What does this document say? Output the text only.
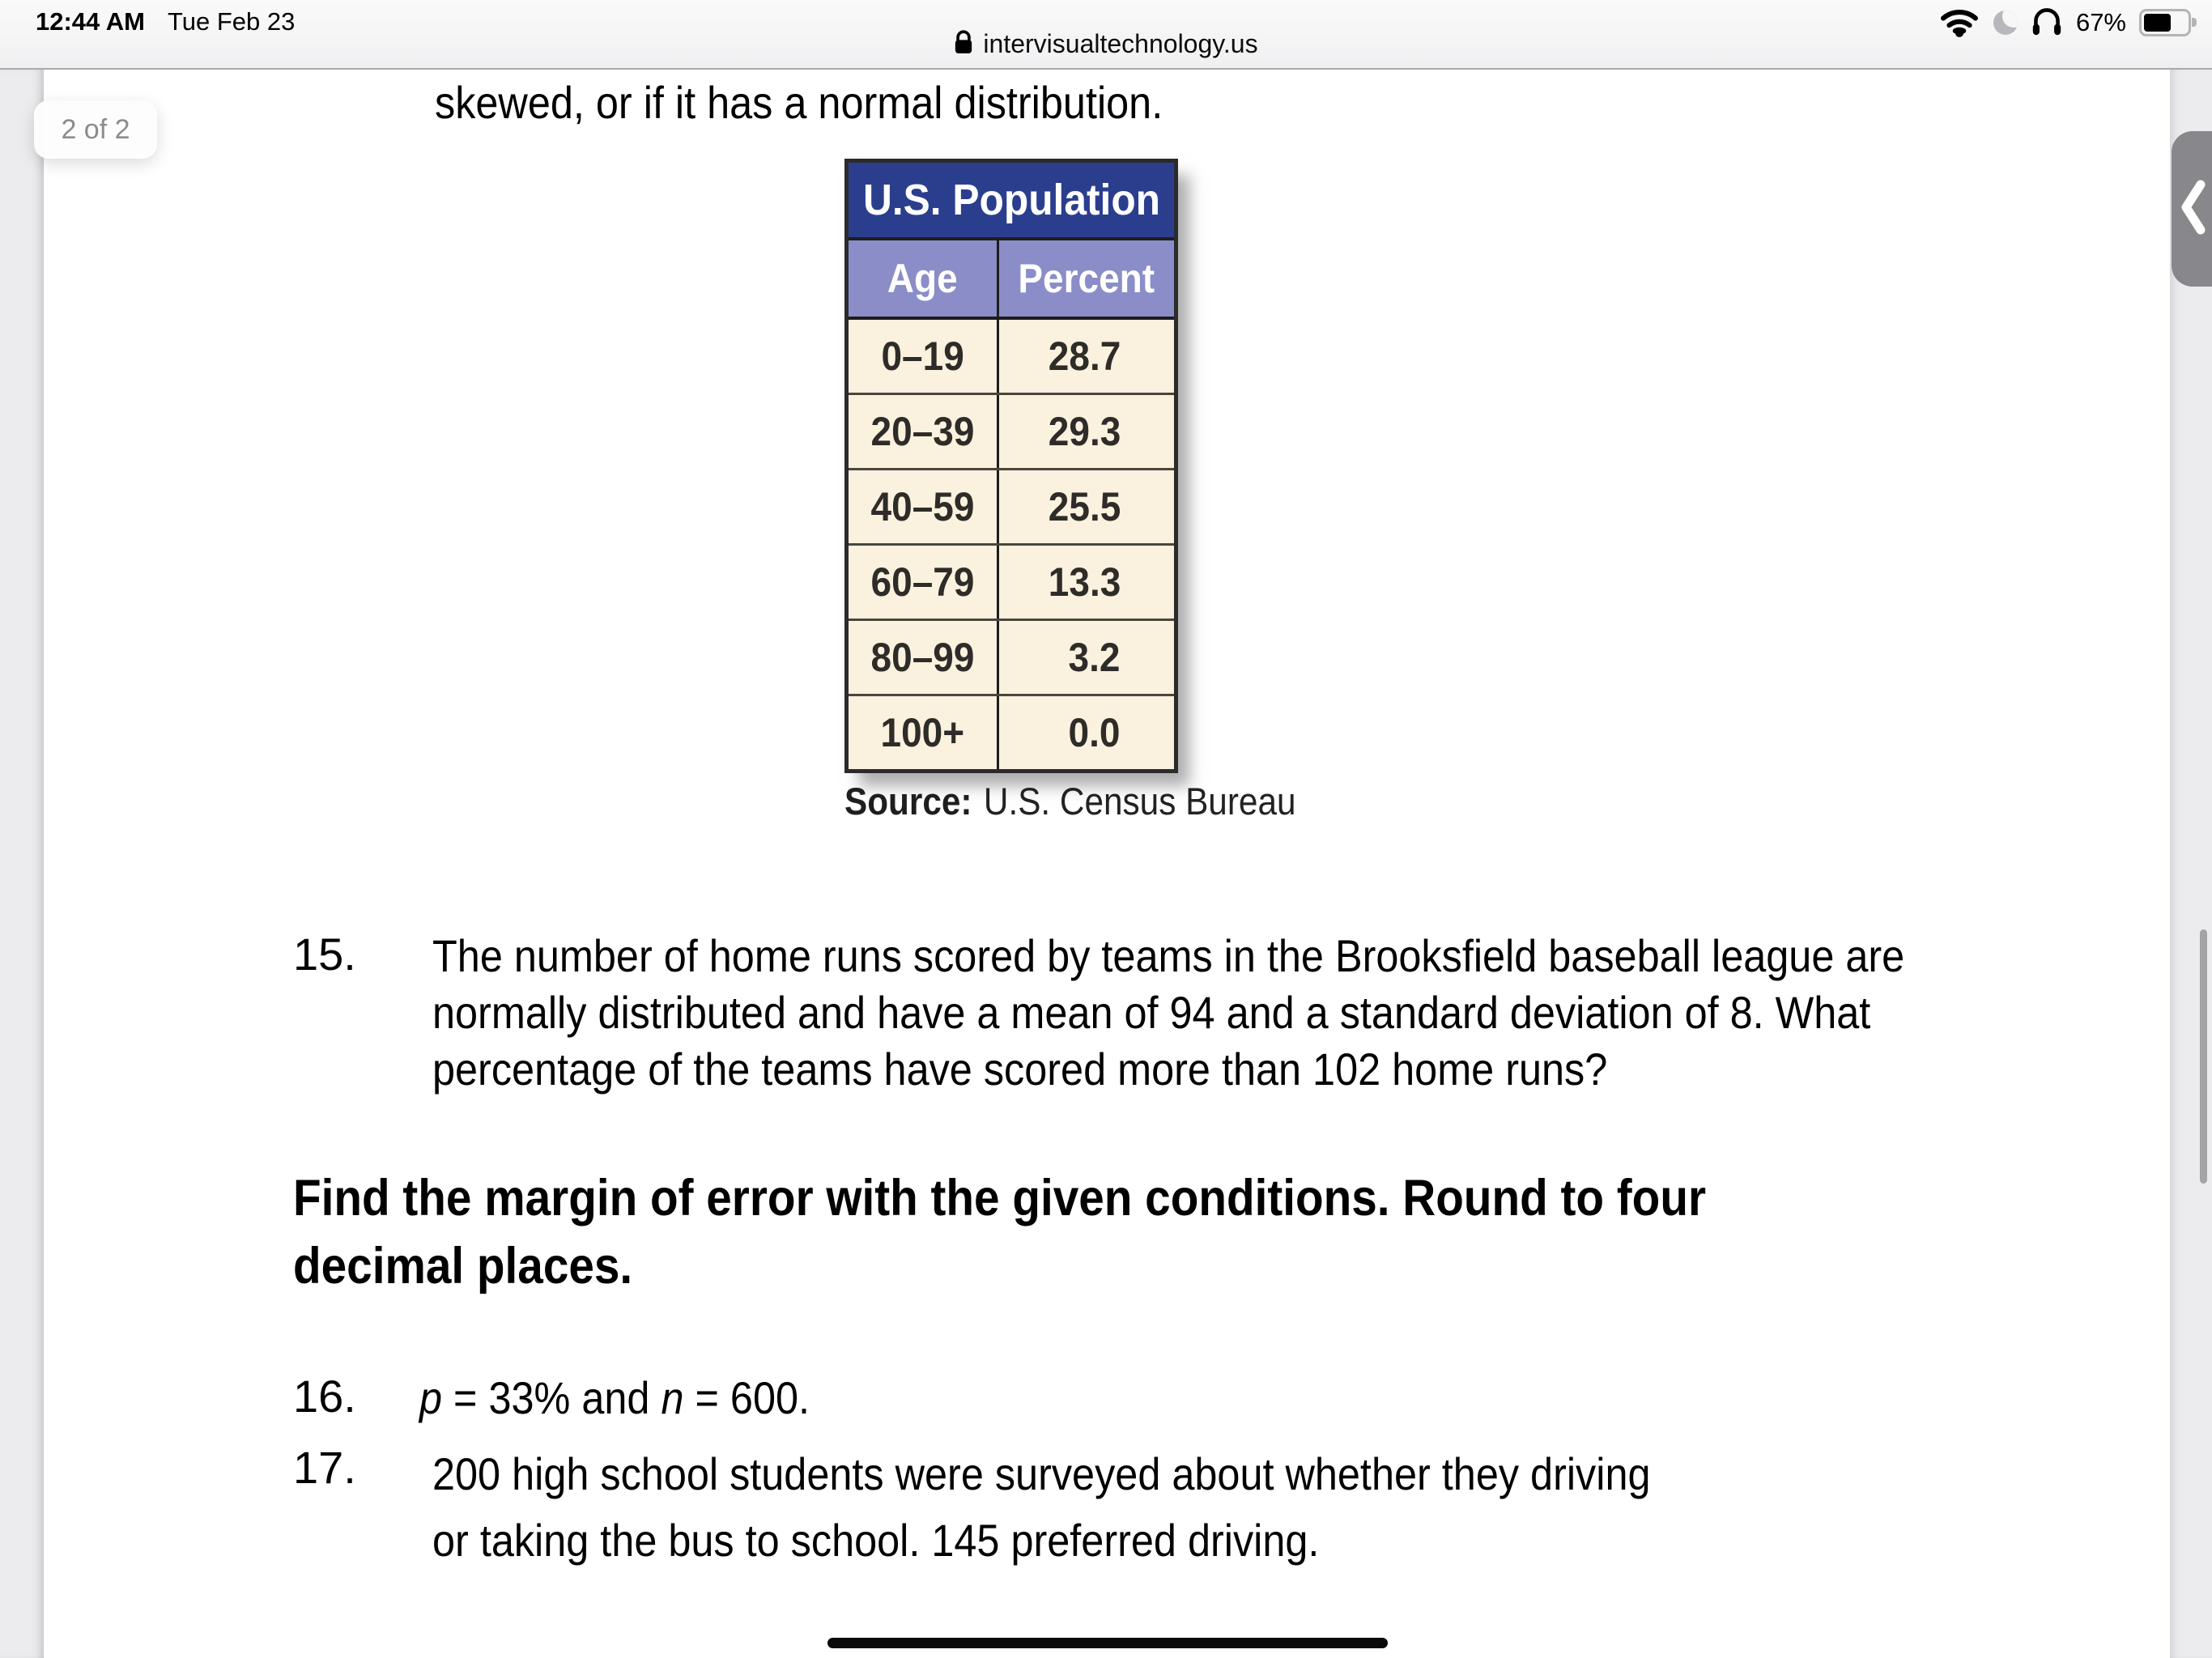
12:44 AM Tue Feb 23	67%
intervisualtechnology.us
2 of 2
skewed, or if it has a normal distribution.
U.S. Population
Age Percent
0–19 28.7
20–39 29.3
40–59 25.5
60–79 13.3
80–99 3.2
100+	0.0
Source: U.S. Census Bureau
15. The number of home runs scored by teams in the Brooksfield baseball league are
normally distributed and have a mean of 94 and a standard deviation of 8. What
percentage of the teams have scored more than 102 home runs?
Find the margin of error with the given conditions. Round to four
decimal places.
16. p = 33% and n = 600.
17. 200 high school students were surveyed about whether they driving
or taking the bus to school. 145 preferred driving.
